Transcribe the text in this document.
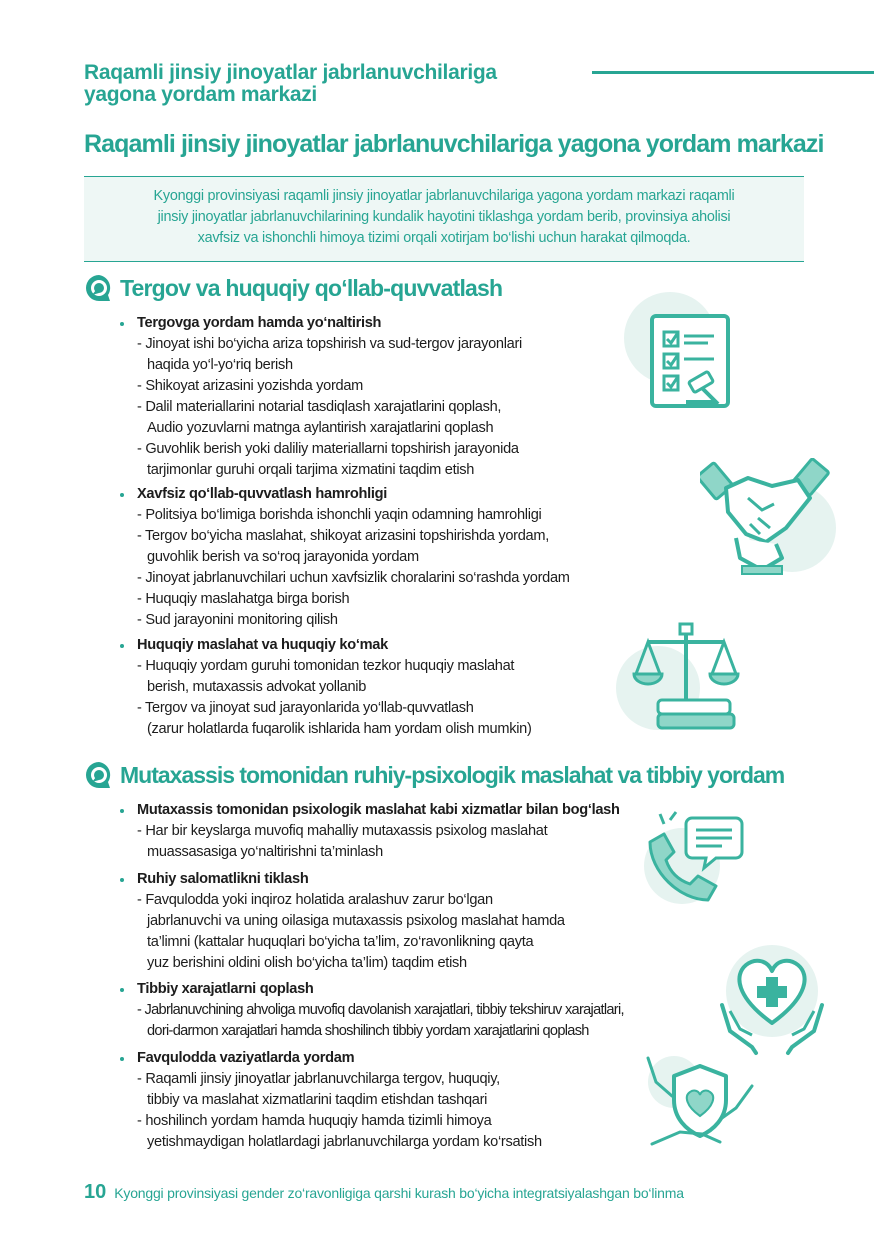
Raqamli jinsiy jinoyatlar jabrlanuvchilariga
yagona yordam markazi
Raqamli jinsiy jinoyatlar jabrlanuvchilariga yagona yordam markazi
Kyonggi provinsiyasi raqamli jinsiy jinoyatlar jabrlanuvchilariga yagona yordam markazi raqamli
jinsiy jinoyatlar jabrlanuvchilarining kundalik hayotini tiklashga yordam berib, provinsiya aholisi
xavfsiz va ishonchli himoya tizimi orqali xotirjam bo‘lishi uchun harakat qilmoqda.
Tergov va huquqiy qo‘llab-quvvatlash
Tergovga yordam hamda yo‘naltirish
- Jinoyat ishi bo‘yicha ariza topshirish va sud-tergov jarayonlari
haqida yo‘l-yo‘riq berish
- Shikoyat arizasini yozishda yordam
- Dalil materiallarini notarial tasdiqlash xarajatlarini qoplash,
Audio yozuvlarni matnga aylantirish xarajatlarini qoplash
- Guvohlik berish yoki daliliy materiallarni topshirish jarayonida
tarjimonlar guruhi orqali tarjima xizmatini taqdim etish
Xavfsiz qo‘llab-quvvatlash hamrohligi
- Politsiya bo‘limiga borishda ishonchli yaqin odamning hamrohligi
- Tergov bo‘yicha maslahat, shikoyat arizasini topshirishda yordam,
guvohlik berish va so‘roq jarayonida yordam
- Jinoyat jabrlanuvchilari uchun xavfsizlik choralarini so‘rashda yordam
- Huquqiy maslahatga birga borish
- Sud jarayonini monitoring qilish
Huquqiy maslahat va huquqiy ko‘mak
- Huquqiy yordam guruhi tomonidan tezkor huquqiy maslahat
berish, mutaxassis advokat yollanib
- Tergov va jinoyat sud jarayonlarida yo‘llab-quvvatlash
(zarur holatlarda fuqarolik ishlarida ham yordam olish mumkin)
Mutaxassis tomonidan ruhiy-psixologik maslahat va tibbiy yordam
Mutaxassis tomonidan psixologik maslahat kabi xizmatlar bilan bog‘lash
- Har bir keyslarga muvofiq mahalliy mutaxassis psixolog maslahat
muassasasiga yo‘naltirishni ta’minlash
Ruhiy salomatlikni tiklash
- Favqulodda yoki inqiroz holatida aralashuv zarur bo‘lgan
jabrlanuvchi va uning oilasiga mutaxassis psixolog maslahat hamda
ta’limni (kattalar huquqlari bo‘yicha ta’lim, zo‘ravonlikning qayta
yuz berishini oldini olish bo‘yicha ta’lim) taqdim etish
Tibbiy xarajatlarni qoplash
- Jabrlanuvchining ahvoliga muvofiq davolanish xarajatlari, tibbiy tekshiruv xarajatlari,
dori-darmon xarajatlari hamda shoshilinch tibbiy yordam xarajatlarini qoplash
Favqulodda vaziyatlarda yordam
- Raqamli jinsiy jinoyatlar jabrlanuvchilarga tergov, huquqiy,
tibbiy va maslahat xizmatlarini taqdim etishdan tashqari
- hoshilinch yordam hamda huquqiy hamda tizimli himoya
yetishmaydigan holatlardagi jabrlanuvchilarga yordam ko‘rsatish
10 Kyonggi provinsiyasi gender zo‘ravonligiga qarshi kurash bo‘yicha integratsiyalashgan bo‘linma
